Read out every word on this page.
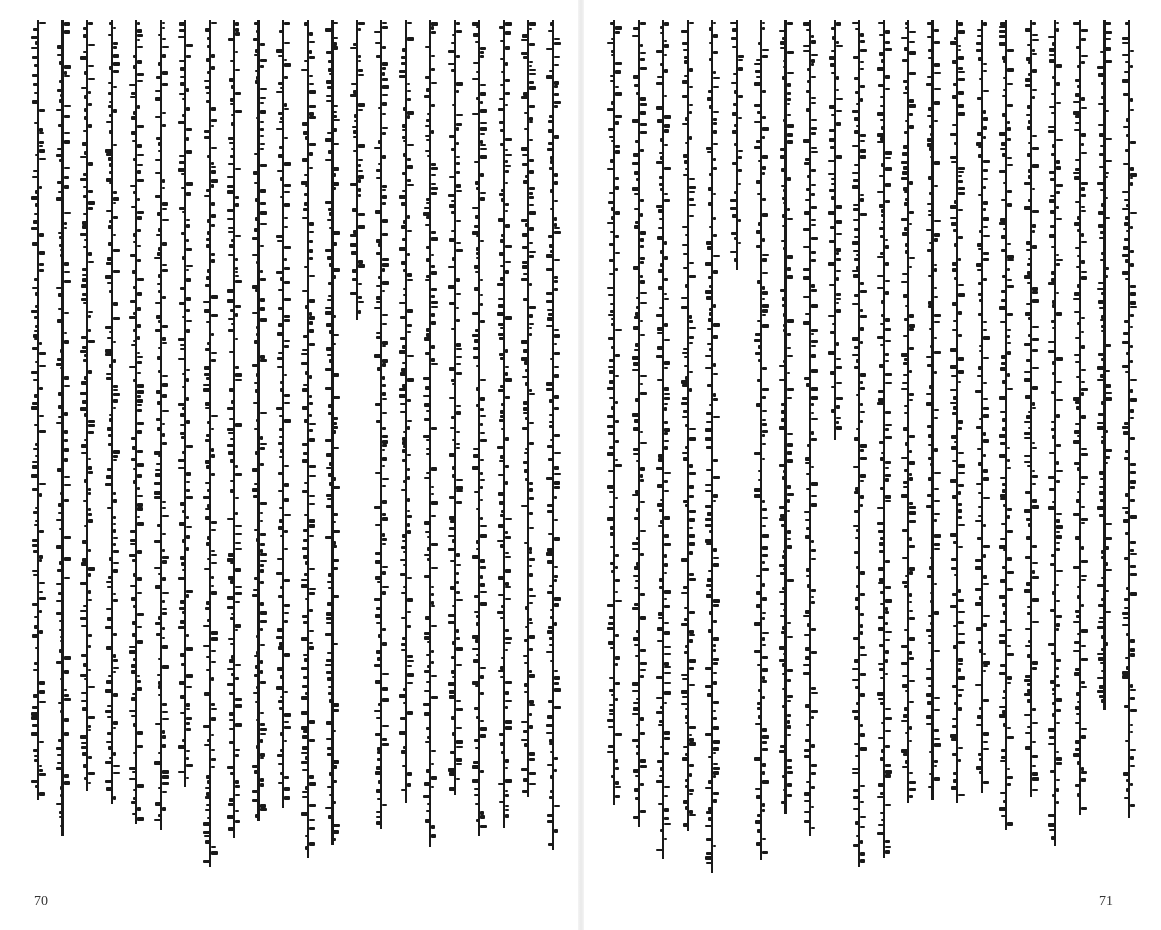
70	71
